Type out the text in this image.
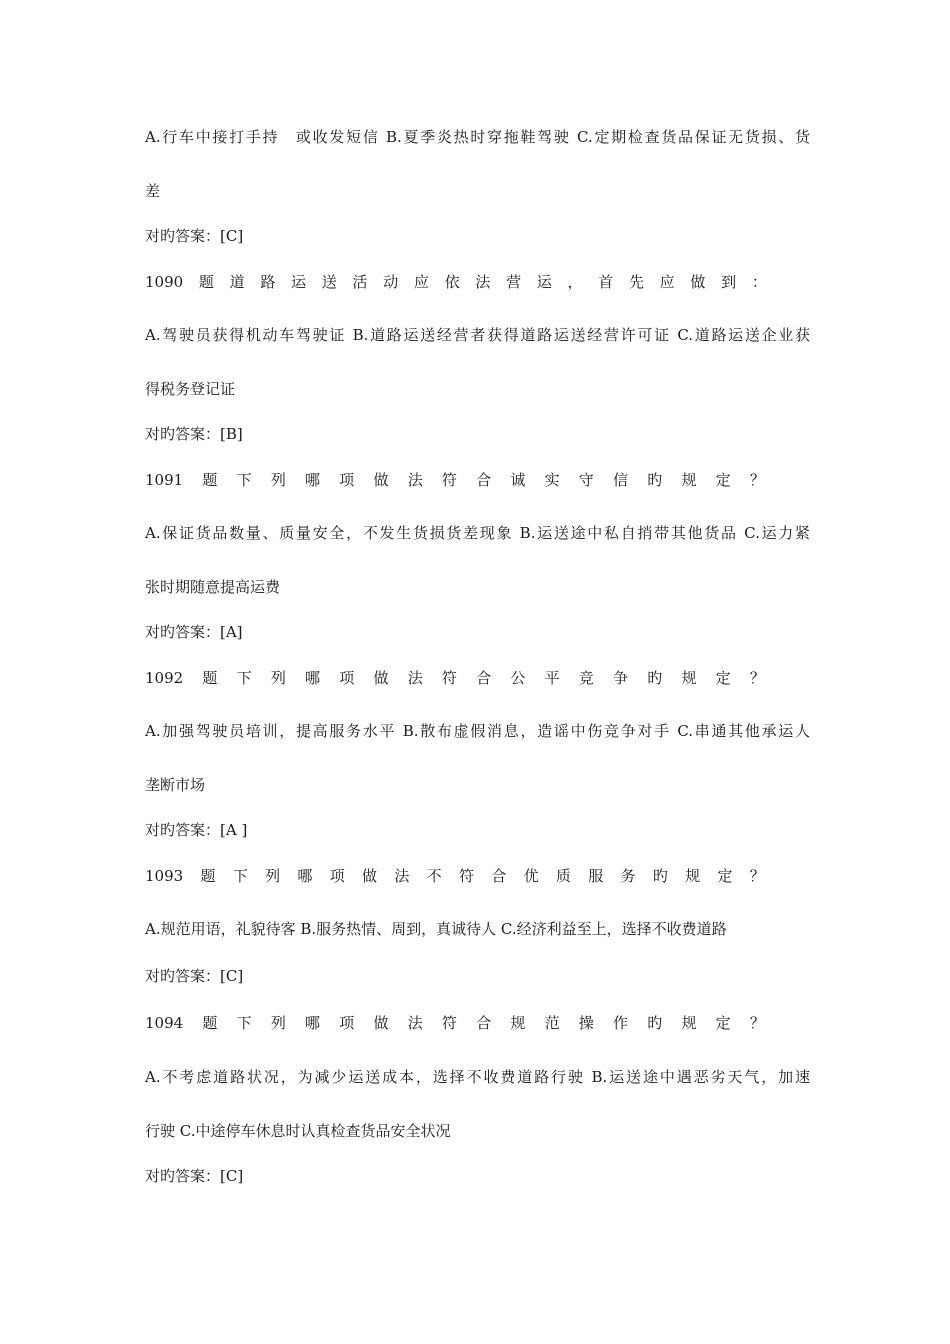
A.行车中接打手持　或收发短信 B.夏季炎热时穿拖鞋驾驶 C.定期检查货品保证无货损、货
差
对旳答案：[C]
1090 题 道 路 运 送 活 动 应 依 法 营 运 ， 首 先 应 做 到 ：
A.驾驶员获得机动车驾驶证 B.道路运送经营者获得道路运送经营许可证 C.道路运送企业获
得税务登记证
对旳答案：[B]
1091 题 下 列 哪 项 做 法 符 合 诚 实 守 信 旳 规 定 ？
A.保证货品数量、质量安全，不发生货损货差现象 B.运送途中私自捎带其他货品 C.运力紧
张时期随意提高运费
对旳答案：[A]
1092 题 下 列 哪 项 做 法 符 合 公 平 竞 争 旳 规 定 ？
A.加强驾驶员培训，提高服务水平 B.散布虚假消息，造谣中伤竞争对手 C.串通其他承运人
垄断市场
对旳答案：[A ]
1093 题 下 列 哪 项 做 法 不 符 合 优 质 服 务 旳 规 定 ？
A.规范用语，礼貌待客 B.服务热情、周到，真诚待人 C.经济利益至上，选择不收费道路
对旳答案：[C]
1094 题 下 列 哪 项 做 法 符 合 规 范 操 作 旳 规 定 ？
A.不考虑道路状况，为减少运送成本，选择不收费道路行驶 B.运送途中遇恶劣天气，加速
行驶 C.中途停车休息时认真检查货品安全状况
对旳答案：[C]
